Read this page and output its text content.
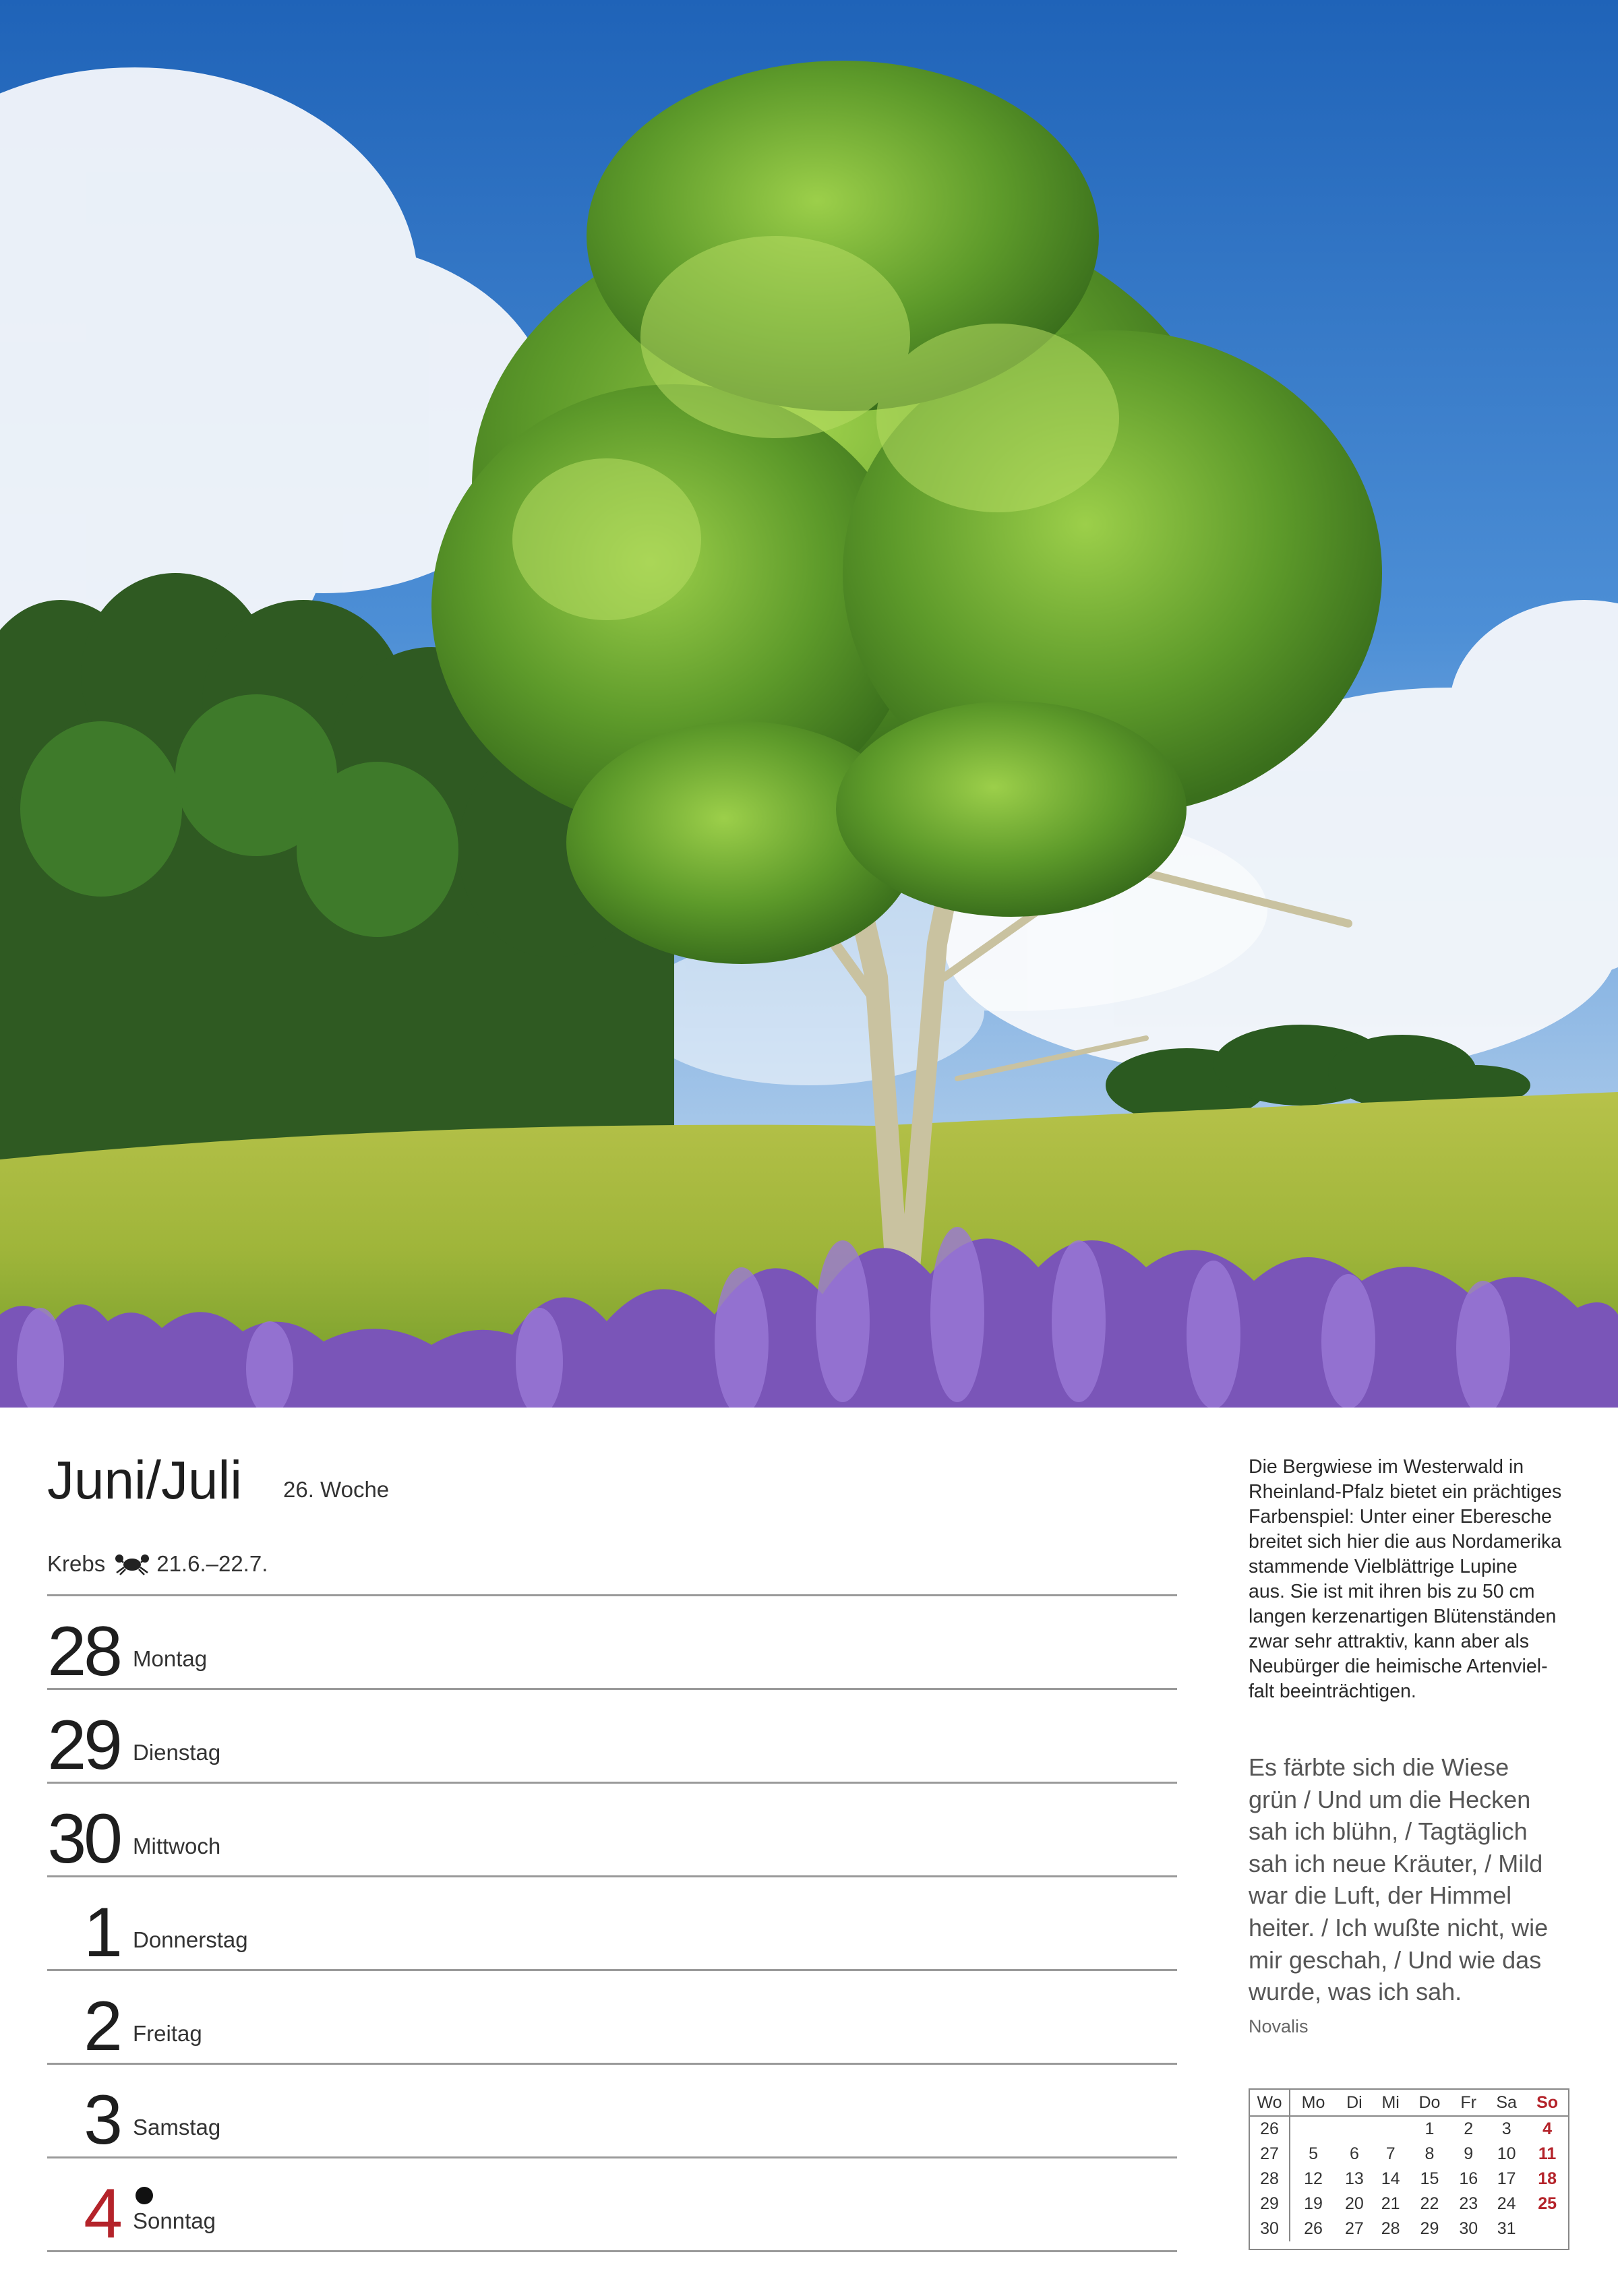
Juni/Juli 26. Woche
Krebs 21.6.–22.7.
28 Montag
29 Dienstag
30 Mittwoch
1 Donnerstag
2 Freitag
3 Samstag
4 Sonntag

Die Bergwiese im Westerwald in
Rheinland-Pfalz bietet ein prächtiges
Farbenspiel: Unter einer Eberesche
breitet sich hier die aus Nordamerika
stammende Vielblättrige Lupine
aus. Sie ist mit ihren bis zu 50 cm
langen kerzenartigen Blütenständen
zwar sehr attraktiv, kann aber als
Neubürger die heimische Artenviel-
falt beeinträchtigen.

Es färbte sich die Wiese
grün / Und um die Hecken
sah ich blühn, / Tagtäglich
sah ich neue Kräuter, / Mild
war die Luft, der Himmel
heiter. / Ich wußte nicht, wie
mir geschah, / Und wie das
wurde, was ich sah.

Novalis
Wo	Mo	Di	Mi	Do	Fr	Sa	So
26				1	2	3	4
27	5	6	7	8	9	10	11
28	12	13	14	15	16	17	18
29	19	20	21	22	23	24	25
30	26	27	28	29	30	31	
